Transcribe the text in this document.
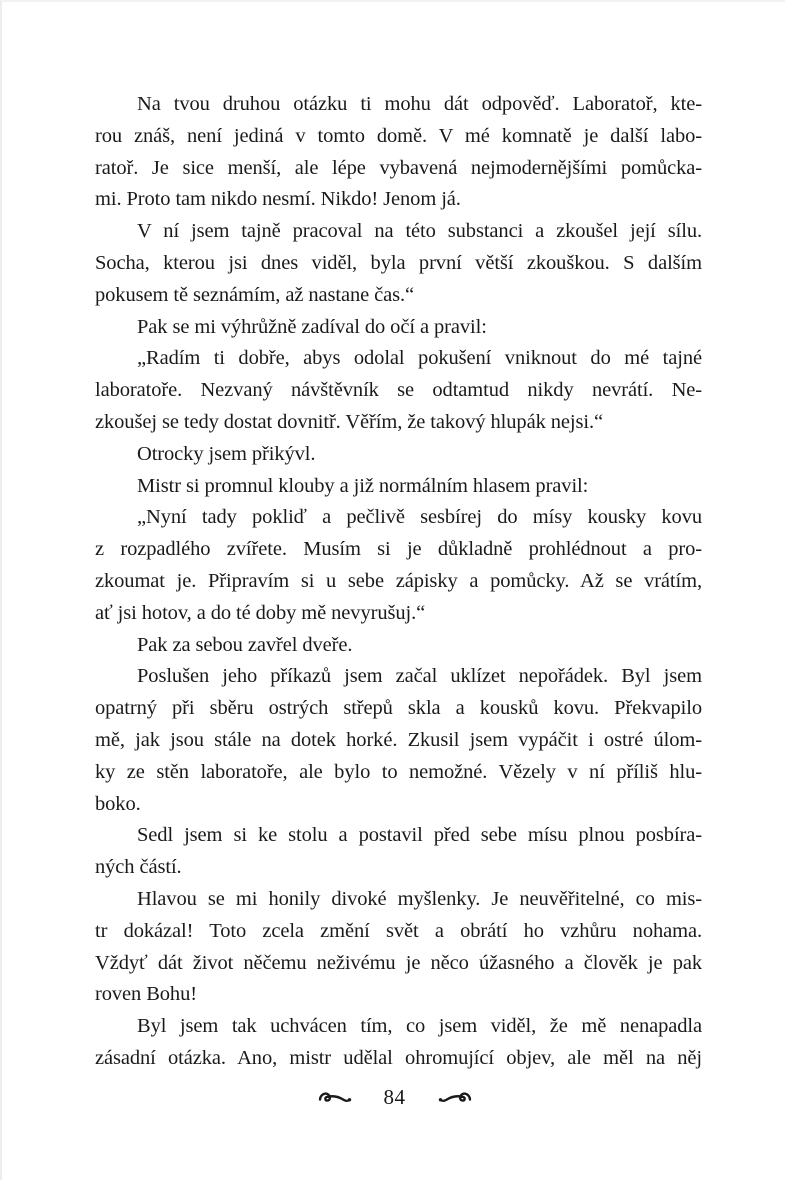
Na tvou druhou otázku ti mohu dát odpověď. Laboratoř, kte-
rou znáš, není jediná v tomto domě. V mé komnatě je další labo-
ratoř. Je sice menší, ale lépe vybavená nejmodernějšími pomůcka-
mi. Proto tam nikdo nesmí. Nikdo! Jenom já.
V ní jsem tajně pracoval na této substanci a zkoušel její sílu.
Socha, kterou jsi dnes viděl, byla první větší zkouškou. S dalším
pokusem tě seznámím, až nastane čas.“
Pak se mi výhrůžně zadíval do očí a pravil:
„Radím ti dobře, abys odolal pokušení vniknout do mé tajné
laboratoře. Nezvaný návštěvník se odtamtud nikdy nevrátí. Ne-
zkoušej se tedy dostat dovnitř. Věřím, že takový hlupák nejsi.“
Otrocky jsem přikývl.
Mistr si promnul klouby a již normálním hlasem pravil:
„Nyní tady pokliď a pečlivě sesbírej do mísy kousky kovu
z rozpadlého zvířete. Musím si je důkladně prohlédnout a pro-
zkoumat je. Připravím si u sebe zápisky a pomůcky. Až se vrátím,
ať jsi hotov, a do té doby mě nevyrušuj.“
Pak za sebou zavřel dveře.
Poslušen jeho příkazů jsem začal uklízet nepořádek. Byl jsem
opatrný při sběru ostrých střepů skla a kousků kovu. Překvapilo
mě, jak jsou stále na dotek horké. Zkusil jsem vypáčit i ostré úlom-
ky ze stěn laboratoře, ale bylo to nemožné. Vězely v ní příliš hlu-
boko.
Sedl jsem si ke stolu a postavil před sebe mísu plnou posbíra-
ných částí.
Hlavou se mi honily divoké myšlenky. Je neuvěřitelné, co mis-
tr dokázal! Toto zcela změní svět a obrátí ho vzhůru nohama.
Vždyť dát život něčemu neživému je něco úžasného a člověk je pak
roven Bohu!
Byl jsem tak uchvácen tím, co jsem viděl, že mě nenapadla
zásadní otázka. Ano, mistr udělal ohromující objev, ale měl na něj
84
